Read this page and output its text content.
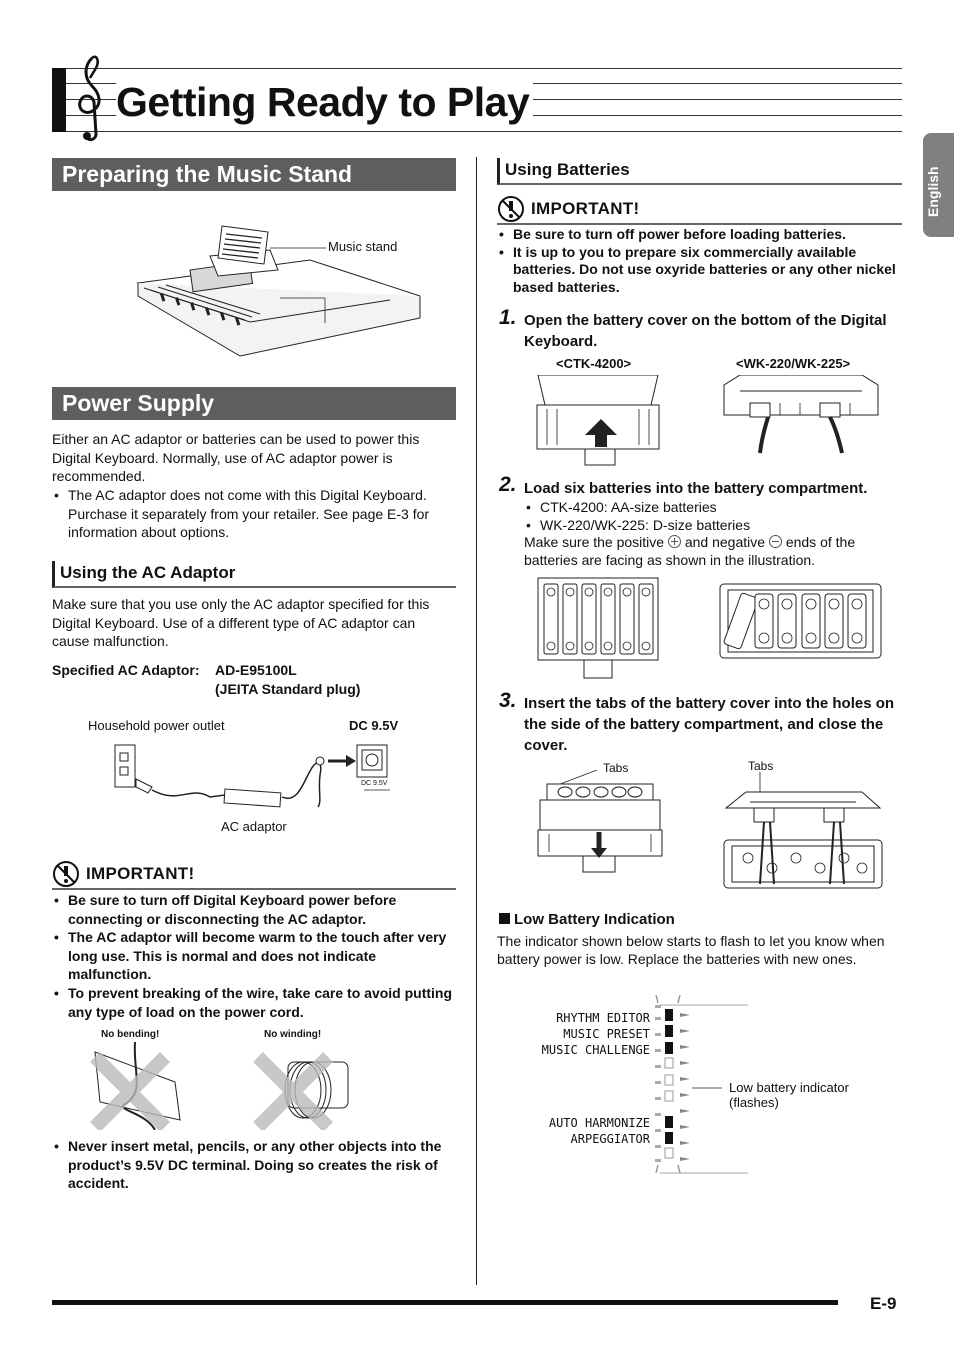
Getting Ready to Play
English
Preparing the Music Stand
Music stand
Power Supply
Either an AC adaptor or batteries can be used to power this Digital Keyboard. Normally, use of AC adaptor power is recommended.
• The AC adaptor does not come with this Digital Keyboard. Purchase it separately from your retailer. See page E-3 for information about options.
Using the AC Adaptor
Make sure that you use only the AC adaptor specified for this Digital Keyboard. Use of a different type of AC adaptor can cause malfunction.
Specified AC Adaptor: AD-E95100L
(JEITA Standard plug)
Household power outlet	DC 9.5V
DC 9.5V
AC adaptor
IMPORTANT!
• Be sure to turn off Digital Keyboard power before connecting or disconnecting the AC adaptor.
• The AC adaptor will become warm to the touch after very long use. This is normal and does not indicate malfunction.
• To prevent breaking of the wire, take care to avoid putting any type of load on the power cord.
No bending!	No winding!
• Never insert metal, pencils, or any other objects into the product’s 9.5V DC terminal. Doing so creates the risk of accident.
Using Batteries
IMPORTANT!
• Be sure to turn off power before loading batteries.
• It is up to you to prepare six commercially available batteries. Do not use oxyride batteries or any other nickel based batteries.
1. Open the battery cover on the bottom of the Digital Keyboard.
<CTK-4200>	<WK-220/WK-225>
2. Load six batteries into the battery compartment.
• CTK-4200: AA-size batteries
• WK-220/WK-225: D-size batteries
Make sure the positive and negative ends of the batteries are facing as shown in the illustration.
3. Insert the tabs of the battery cover into the holes on the side of the battery compartment, and close the cover.
Tabs	Tabs
Low Battery Indication
The indicator shown below starts to flash to let you know when battery power is low. Replace the batteries with new ones.
RHYTHM EDITOR
MUSIC PRESET
MUSIC CHALLENGE
AUTO HARMONIZE
ARPEGGIATOR
Low battery indicator
(flashes)
E-9
